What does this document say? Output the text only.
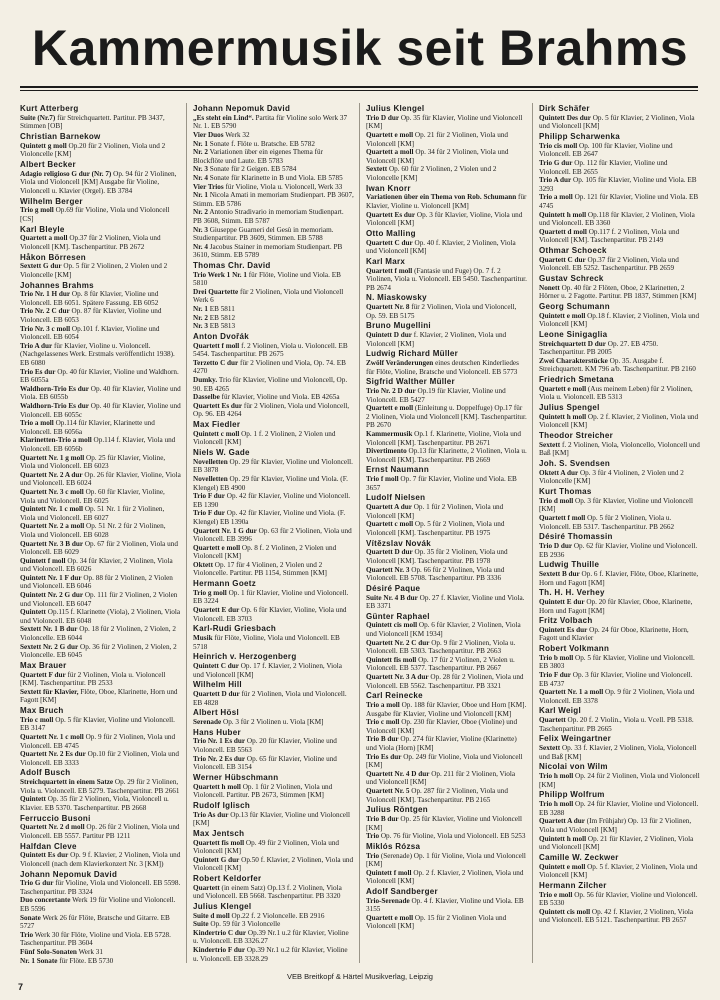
Kammermusik seit Brahms
Kurt Atterberg
Suite (Nr.7) für Streichquartett. Partitur. PB 3437, Stimmen [OB]
Christian Barnekow
Quintett g moll Op.20 für 2 Violinen, Viola und 2 Violoncelle [KM]
Albert Becker
Adagio religioso G dur (Nr. 7) Op. 94 für 2 Violinen, Viola und Violoncell [KM] Ausgabe für Violine, Violoncell u. Klavier (Orgel). EB 3784
Wilhelm Berger
Trio g moll Op.69 für Violine, Viola und Violoncell [CS]
Karl Bleyle
Quartett a moll Op.37 für 2 Violinen, Viola und Violoncell [KM]. Taschenpartitur. PB 2672
Håkon Börresen
Sextett G dur Op. 5 für 2 Violinen, 2 Violen und 2 Violoncelle [KM]
Johannes Brahms
Trio Nr. 1 H dur Op. 8 für Klavier, Violine und Violoncell. EB 6051. Spätere Fassung. EB 6052
Trio Nr. 2 C dur Op. 87 für Klavier, Violine und Violoncell. EB 6053
Trio Nr. 3 c moll Op.101 f. Klavier, Violine und Violoncell. EB 6054
Trio A dur für Klavier, Violine u. Violoncell. (Nachgelassenes Werk. Erstmals veröffentlicht 1938). EB 6080
Trio Es dur Op. 40 für Klavier, Violine und Waldhorn. EB 6055a
Waldhorn-Trio Es dur Op. 40 für Klavier, Violine und Viola. EB 6055b
Waldhorn-Trio Es dur Op. 40 für Klavier, Violine und Violoncell. EB 6055c
Trio a moll Op.114 für Klavier, Klarinette und Violoncell. EB 6056a
Klarinetten-Trio a moll Op.114 f. Klavier, Viola und Violoncell. EB 6056b
Quartett Nr. 1 g moll Op. 25 für Klavier, Violine, Viola und Violoncell. EB 6023
Quartett Nr. 2 A dur Op. 26 für Klavier, Violine, Viola und Violoncell. EB 6024
Quartett Nr. 3 c moll Op. 60 für Klavier, Violine, Viola und Violoncell. EB 6025
Quintett Nr. 1 c moll Op. 51 Nr. 1 für 2 Violinen, Viola und Violoncell. EB 6027
Quartett Nr. 2 a moll Op. 51 Nr. 2 für 2 Violinen, Viola und Violoncell. EB 6028
Quartett Nr. 3 B dur Op. 67 für 2 Violinen, Viola und Violoncell. EB 6029
Quintett f moll Op. 34 für Klavier, 2 Violinen, Viola und Violoncell. EB 6026
Quintett Nr. 1 F dur Op. 88 für 2 Violinen, 2 Violen und Violoncell. EB 6046
Quintett Nr. 2 G dur Op. 111 für 2 Violinen, 2 Violen und Violoncell. EB 6047
Quintett Op.115 f. Klarinette (Viola), 2 Violinen, Viola und Violoncell. EB 6048
Sextett Nr. 1 B dur Op. 18 für 2 Violinen, 2 Violen, 2 Violoncelle. EB 6044
Sextett Nr. 2 G dur Op. 36 für 2 Violinen, 2 Violen, 2 Violoncelle. EB 6045
Max Brauer
Quartett F dur für 2 Violinen, Viola u. Violoncell [KM]. Taschenpartitur. PB 2533
Sextett für Klavier, Flöte, Oboe, Klarinette, Horn und Fagott [KM]
Max Bruch
Trio c moll Op. 5 für Klavier, Violine und Violoncell. EB 3147
Quartett Nr. 1 c moll Op. 9 für 2 Violinen, Viola und Violoncell. EB 4745
Quartett Nr. 2 Es dur Op.10 für 2 Violinen, Viola und Violoncell. EB 3333
Adolf Busch
Streichquartett in einem Satze Op. 29 für 2 Violinen, Viola u. Violoncell. EB 5279. Taschenpartitur. PB 2661
Quintett Op. 35 für 2 Violinen, Viola, Violoncell u. Klavier. EB 5370. Taschenpartitur. PB 2668
Ferruccio Busoni
Quartett Nr. 2 d moll Op. 26 für 2 Violinen, Viola und Violoncell. EB 5557. Partitur PB 1211
Halfdan Cleve
Quintett Es dur Op. 9 f. Klavier, 2 Violinen, Viola und Violoncell (nach dem Klavierkonzert Nr. 3 [KM])
Johann Nepomuk David
Trio G dur für Violine, Viola und Violoncell. EB 5598. Taschenpartitur. PB 3324
Duo concertante Werk 19 für Violine und Violoncell. EB 5596
Sonate Werk 26 für Flöte, Bratsche und Gitarre. EB 5727
Trio Werk 30 für Flöte, Violine und Viola. EB 5728. Taschenpartitur. PB 3604
Fünf Solo-Sonaten Werk 31
Nr. 1 Sonate für Flöte. EB 5730
Johann Nepomuk David
„Es steht ein Lind“. Partita für Violine solo Werk 37 Nr. 1. EB 5790
Vier Duos Werk 32
Nr. 1 Sonate f. Flöte u. Bratsche. EB 5782
Nr. 2 Variationen über ein eigenes Thema für Blockflöte und Laute. EB 5783
Nr. 3 Sonate für 2 Geigen. EB 5784
Nr. 4 Sonate für Klarinette in B und Viola. EB 5785
Vier Trios für Violine, Viola u. Violoncell, Werk 33
Nr. 1 Nicola Amati in memoriam Studienpart. PB 3607, Stimm. EB 5786
Nr. 2 Antonio Stradivario in memoriam Studienpart. PB 3608, Stimm. EB 5787
Nr. 3 Giuseppe Guarneri del Gesù in memoriam. Studienpartitur. PB 3609, Stimmen. EB 5788
Nr. 4 Jacobus Stainer in memoriam Studienpart. PB 3610, Stimm. EB 5789
Thomas Chr. David
Trio Werk 1 Nr. 1 für Flöte, Violine und Viola. EB 5810
Drei Quartette für 2 Violinen, Viola und Violoncell Werk 6
Nr. 1 EB 5811
Nr. 2 EB 5812
Nr. 3 EB 5813
Anton Dvořák
Quartett f moll f. 2 Violinen, Viola u. Violoncell. EB 5454. Taschenpartitur. PB 2675
Terzetto C dur für 2 Violinen und Viola, Op. 74. EB 4270
Dumky. Trio für Klavier, Violine und Violoncell, Op. 90. EB 4265
Dasselbe für Klavier, Violine und Viola. EB 4265a
Quartett Es dur für 2 Violinen, Viola und Violoncell, Op. 96. EB 4264
Max Fiedler
Quintett c moll Op. 1 f. 2 Violinen, 2 Violen und Violoncell [KM]
Niels W. Gade
Novelletten Op. 29 für Klavier, Violine und Violoncell. EB 3878
Novelletten Op. 29 für Klavier, Violine und Viola. (F. Klengel) EB 4900
Trio F dur Op. 42 für Klavier, Violine und Violoncell. EB 1390
Trio F dur Op. 42 für Klavier, Violine und Viola. (F. Klengel) EB 1390a
Quartett Nr. 1 G dur Op. 63 für 2 Violinen, Viola und Violoncell. EB 3996
Quartett e moll Op. 8 f. 2 Violinen, 2 Violen und Violoncell [KM]
Oktett Op. 17 für 4 Violinen, 2 Violen und 2 Violoncelle. Partitur. PB 1154, Stimmen [KM]
Hermann Goetz
Trio g moll Op. 1 für Klavier, Violine und Violoncell. EB 3224
Quartett E dur Op. 6 für Klavier, Violine, Viola und Violoncell. EB 3703
Karl-Rudi Griesbach
Musik für Flöte, Violine, Viola und Violoncell. EB 5718
Heinrich v. Herzogenberg
Quintett C dur Op. 17 f. Klavier, 2 Violinen, Viola und Violoncell [KM]
Wilhelm Hill
Quartett D dur für 2 Violinen, Viola und Violoncell. EB 4828
Albert Hösl
Serenade Op. 3 für 2 Violinen u. Viola [KM]
Hans Huber
Trio Nr. 1 Es dur Op. 20 für Klavier, Violine und Violoncell. EB 5563
Trio Nr. 2 Es dur Op. 65 für Klavier, Violine und Violoncell. EB 3154
Werner Hübschmann
Quartett h moll Op. 1 für 2 Violinen, Viola und Violoncell. Partitur. PB 2673, Stimmen [KM]
Rudolf Iglisch
Trio As dur Op.13 für Klavier, Violine und Violoncell [KM]
Max Jentsch
Quartett fis moll Op. 49 für 2 Violinen, Viola und Violoncell [KM]
Quintett G dur Op.50 f. Klavier, 2 Violinen, Viola und Violoncell [KM]
Robert Keldorfer
Quartett (in einem Satz) Op.13 f. 2 Violinen, Viola und Violoncell. EB 5668. Taschenpartitur. PB 3320
Julius Klengel
Suite d moll Op.22 f. 2 Violoncelle. EB 2916
Suite Op. 59 für 3 Violoncelle
Kindertrio C dur Op.39 Nr.1 u.2 für Klavier, Violine u. Violoncell. EB 3326.27
Kindertrio F dur Op.39 Nr.1 u.2 für Klavier, Violine u. Violoncell. EB 3328.29
Julius Klengel
Trio D dur Op. 35 für Klavier, Violine und Violoncell [KM]
Quartett e moll Op. 21 für 2 Violinen, Viola und Violoncell [KM]
Quartett a moll Op. 34 für 2 Violinen, Viola und Violoncell [KM]
Sextett Op. 60 für 2 Violinen, 2 Violen und 2 Violoncelle [KM]
Iwan Knorr
Variationen über ein Thema von Rob. Schumann für Klavier, Violine u. Violoncell [KM]
Quartett Es dur Op. 3 für Klavier, Violine, Viola und Violoncell [KM]
Otto Malling
Quartett C dur Op. 40 f. Klavier, 2 Violinen, Viola und Violoncell [KM]
Karl Marx
Quartett f moll (Fantasie und Fuge) Op. 7 f. 2 Violinen, Viola u. Violoncell. EB 5450. Taschenpartitur. PB 2674
N. Miaskowsky
Quartett Nr. 8 für 2 Violinen, Viola und Violoncell, Op. 59. EB 5175
Bruno Mugellini
Quintett D dur f. Klavier, 2 Violinen, Viola und Violoncell [KM]
Ludwig Richard Müller
Zwölf Veränderungen eines deutschen Kinderliedes für Flöte, Violine, Bratsche und Violoncell. EB 5773
Sigfrid Walther Müller
Trio Nr. 2 D dur Op.19 für Klavier, Violine und Violoncell. EB 5427
Quartett e moll (Einleitung u. Doppelfuge) Op.17 für 2 Violinen, Viola und Violoncell [KM]. Taschenpartitur. PB 2670
Kammermusik Op.1 f. Klarinette, Violine, Viola und Violoncell [KM]. Taschenpartitur. PB 2671
Divertimento Op.13 für Klarinette, 2 Violinen, Viola u. Violoncell [KM]. Taschenpartitur. PB 2669
Ernst Naumann
Trio f moll Op. 7 für Klavier, Violine und Viola. EB 3657
Ludolf Nielsen
Quartett A dur Op. 1 für 2 Violinen, Viola und Violoncell [KM]
Quartett c moll Op. 5 für 2 Violinen, Viola und Violoncell [KM]. Taschenpartitur. PB 1975
Vítězslav Novák
Quartett D dur Op. 35 für 2 Violinen, Viola und Violoncell [KM]. Taschenpartitur. PB 1978
Quartett Nr. 3 Op. 66 für 2 Violinen, Viola und Violoncell. EB 5708. Taschenpartitur. PB 3336
Désiré Paque
Suite Nr. 4 B dur Op. 27 f. Klavier, Violine und Viola. EB 3371
Günter Raphael
Quintett cis moll Op. 6 für Klavier, 2 Violinen, Viola und Violoncell [KM 1934]
Quartett Nr. 2 C dur Op. 9 für 2 Violinen, Viola u. Violoncell. EB 5303. Taschenpartitur. PB 2663
Quintett fis moll Op. 17 für 2 Violinen, 2 Violen u. Violoncell. EB 5377. Taschenpartitur. PB 2667
Quartett Nr. 3 A dur Op. 28 für 2 Violinen, Viola und Violoncell. EB 5562. Taschenpartitur. PB 3321
Carl Reinecke
Trio a moll Op. 188 für Klavier, Oboe und Horn [KM]. Ausgabe für Klavier, Violine und Violoncell [KM]
Trio c moll Op. 230 für Klavier, Oboe (Violine) und Violoncell [KM]
Trio B dur Op. 274 für Klavier, Violine (Klarinette) und Viola (Horn) [KM]
Trio Es dur Op. 249 für Violine, Viola und Violoncell [KM]
Quartett Nr. 4 D dur Op. 211 für 2 Violinen, Viola und Violoncell [KM]
Quartett Nr. 5 Op. 287 für 2 Violinen, Viola und Violoncell [KM]. Taschenpartitur. PB 2165
Julius Röntgen
Trio B dur Op. 25 für Klavier, Violine und Violoncell [KM]
Trio Op. 76 für Violine, Viola und Violoncell. EB 5253
Miklós Rózsa
Trio (Serenade) Op. 1 für Violine, Viola und Violoncell [KM]
Quintett f moll Op. 2 f. Klavier, 2 Violinen, Viola und Violoncell [KM]
Adolf Sandberger
Trio-Serenade Op. 4 f. Klavier, Violine und Viola. EB 3155
Quartett e moll Op. 15 für 2 Violinen Viola und Violoncell [KM]
Dirk Schäfer
Quintett Des dur Op. 5 für Klavier, 2 Violinen, Viola und Violoncell [KM]
Philipp Scharwenka
Trio cis moll Op. 100 für Klavier, Violine und Violoncell. EB 2647
Trio G dur Op. 112 für Klavier, Violine und Violoncell. EB 2655
Trio A dur Op. 105 für Klavier, Violine und Viola. EB 3293
Trio a moll Op. 121 für Klavier, Violine und Viola. EB 4745
Quintett h moll Op.118 für Klavier, 2 Violinen, Viola und Violoncell. EB 3360
Quartett d moll Op.117 f. 2 Violinen, Viola und Violoncell [KM]. Taschenpartitur. PB 2149
Othmar Schoeck
Quartett C dur Op.37 für 2 Violinen, Viola und Violoncell. EB 5252. Taschenpartitur. PB 2659
Gustav Schreck
Nonett Op. 40 für 2 Flöten, Oboe, 2 Klarinetten, 2 Hörner u. 2 Fagotte. Partitur. PB 1837, Stimmen [KM]
Georg Schumann
Quintett e moll Op.18 f. Klavier, 2 Violinen, Viola und Violoncell [KM]
Leone Sinigaglia
Streichquartett D dur Op. 27. EB 4750. Taschenpartitur. PB 2005
Zwei Charakterstücke Op. 35. Ausgabe f. Streichquartett. KM 796 a/b. Taschenpartitur. PB 2160
Friedrich Smetana
Quartett e moll (Aus meinem Leben) für 2 Violinen, Viola u. Violoncell. EB 5313
Julius Spengel
Quintett h moll Op. 2 f. Klavier, 2 Violinen, Viola und Violoncell [KM]
Theodor Streicher
Sextett f. 2 Violinen, Viola, Violoncello, Violoncell und Baß [KM]
Joh. S. Svendsen
Oktett A dur Op. 3 für 4 Violinen, 2 Violen und 2 Violoncelle [KM]
Kurt Thomas
Trio d moll Op. 3 für Klavier, Violine und Violoncell [KM]
Quartett f moll Op. 5 für 2 Violinen, Viola u. Violoncell. EB 5317. Taschenpartitur. PB 2662
Désiré Thomassin
Trio D dur Op. 62 für Klavier, Violine und Violoncell. EB 2936
Ludwig Thuille
Sextett B dur Op. 6 f. Klavier, Flöte, Oboe, Klarinette, Horn und Fagott [KM]
Th. H. H. Verhey
Quintett E dur Op. 20 für Klavier, Oboe, Klarinette, Horn und Fagott [KM]
Fritz Volbach
Quintett Es dur Op. 24 für Oboe, Klarinette, Horn, Fagott und Klavier
Robert Volkmann
Trio b moll Op. 5 für Klavier, Violine und Violoncell. EB 3803
Trio F dur Op. 3 für Klavier, Violine und Violoncell. EB 4737
Quartett Nr. 1 a moll Op. 9 für 2 Violinen, Viola und Violoncell. EB 3378
Karl Weigl
Quartett Op. 20 f. 2 Violin., Viola u. Vcell. PB 5318. Taschenpartitur. PB 2665
Felix Weingartner
Sextett Op. 33 f. Klavier, 2 Violinen, Viola, Violoncell und Baß [KM]
Nicolai von Wilm
Trio h moll Op. 24 für 2 Violinen, Viola und Violoncell [KM]
Philipp Wolfrum
Trio h moll Op. 24 für Klavier, Violine und Violoncell. EB 3288
Quartett A dur (Im Frühjahr) Op. 13 für 2 Violinen, Viola und Violoncell [KM]
Quintett h moll Op. 21 für Klavier, 2 Violinen, Viola und Violoncell [KM]
Camille W. Zeckwer
Quintett e moll Op. 5 f. Klavier, 2 Violinen, Viola und Violoncell [KM]
Hermann Zilcher
Trio e moll Op. 56 für Klavier, Violine und Violoncell. EB 5330
Quintett cis moll Op. 42 f. Klavier, 2 Violinen, Viola und Violoncell. EB 5121. Taschenpartitur. PB 2657
VEB Breitkopf & Härtel Musikverlag, Leipzig
7
